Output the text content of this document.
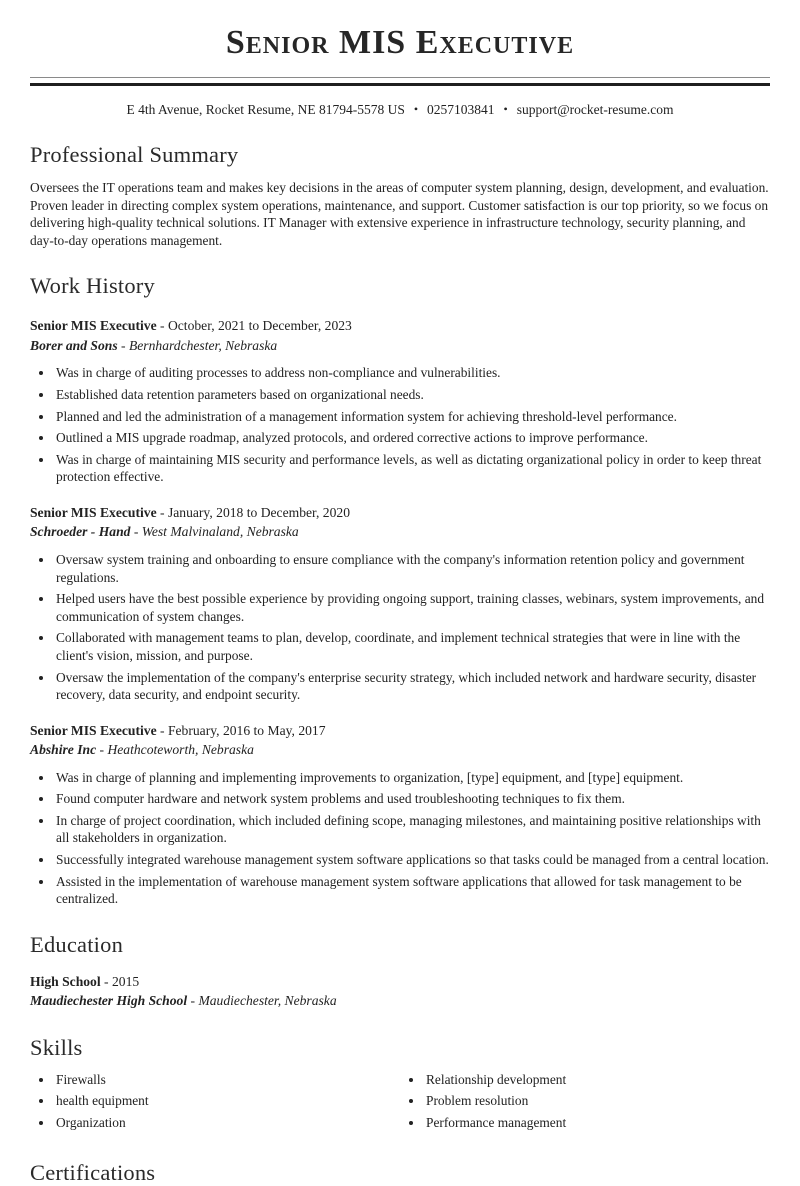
Senior MIS Executive
E 4th Avenue, Rocket Resume, NE 81794-5578 US • 0257103841 • support@rocket-resume.com
Professional Summary

Oversees the IT operations team and makes key decisions in the areas of computer system planning, design, development, and evaluation. Proven leader in directing complex system operations, maintenance, and support. Customer satisfaction is our top priority, so we focus on delivering high-quality technical solutions. IT Manager with extensive experience in infrastructure technology, security planning, and day-to-day operations management.

Work History
Senior MIS Executive - October, 2021 to December, 2023
Borer and Sons - Bernhardchester, Nebraska
• Was in charge of auditing processes to address non-compliance and vulnerabilities.
• Established data retention parameters based on organizational needs.
• Planned and led the administration of a management information system for achieving threshold-level performance.
• Outlined a MIS upgrade roadmap, analyzed protocols, and ordered corrective actions to improve performance.
• Was in charge of maintaining MIS security and performance levels, as well as dictating organizational policy in order to keep threat protection effective.
Senior MIS Executive - January, 2018 to December, 2020
Schroeder - Hand - West Malvinaland, Nebraska
• Oversaw system training and onboarding to ensure compliance with the company's information retention policy and government regulations.
• Helped users have the best possible experience by providing ongoing support, training classes, webinars, system improvements, and communication of system changes.
• Collaborated with management teams to plan, develop, coordinate, and implement technical strategies that were in line with the client's vision, mission, and purpose.
• Oversaw the implementation of the company's enterprise security strategy, which included network and hardware security, disaster recovery, data security, and endpoint security.
Senior MIS Executive - February, 2016 to May, 2017
Abshire Inc - Heathcoteworth, Nebraska
• Was in charge of planning and implementing improvements to organization, [type] equipment, and [type] equipment.
• Found computer hardware and network system problems and used troubleshooting techniques to fix them.
• In charge of project coordination, which included defining scope, managing milestones, and maintaining positive relationships with all stakeholders in organization.
• Successfully integrated warehouse management system software applications so that tasks could be managed from a central location.
• Assisted in the implementation of warehouse management system software applications that allowed for task management to be centralized.
Education
High School - 2015
Maudiechester High School - Maudiechester, Nebraska
Skills
• Firewalls
• health equipment
• Organization
• Relationship development
• Problem resolution
• Performance management
Certifications
